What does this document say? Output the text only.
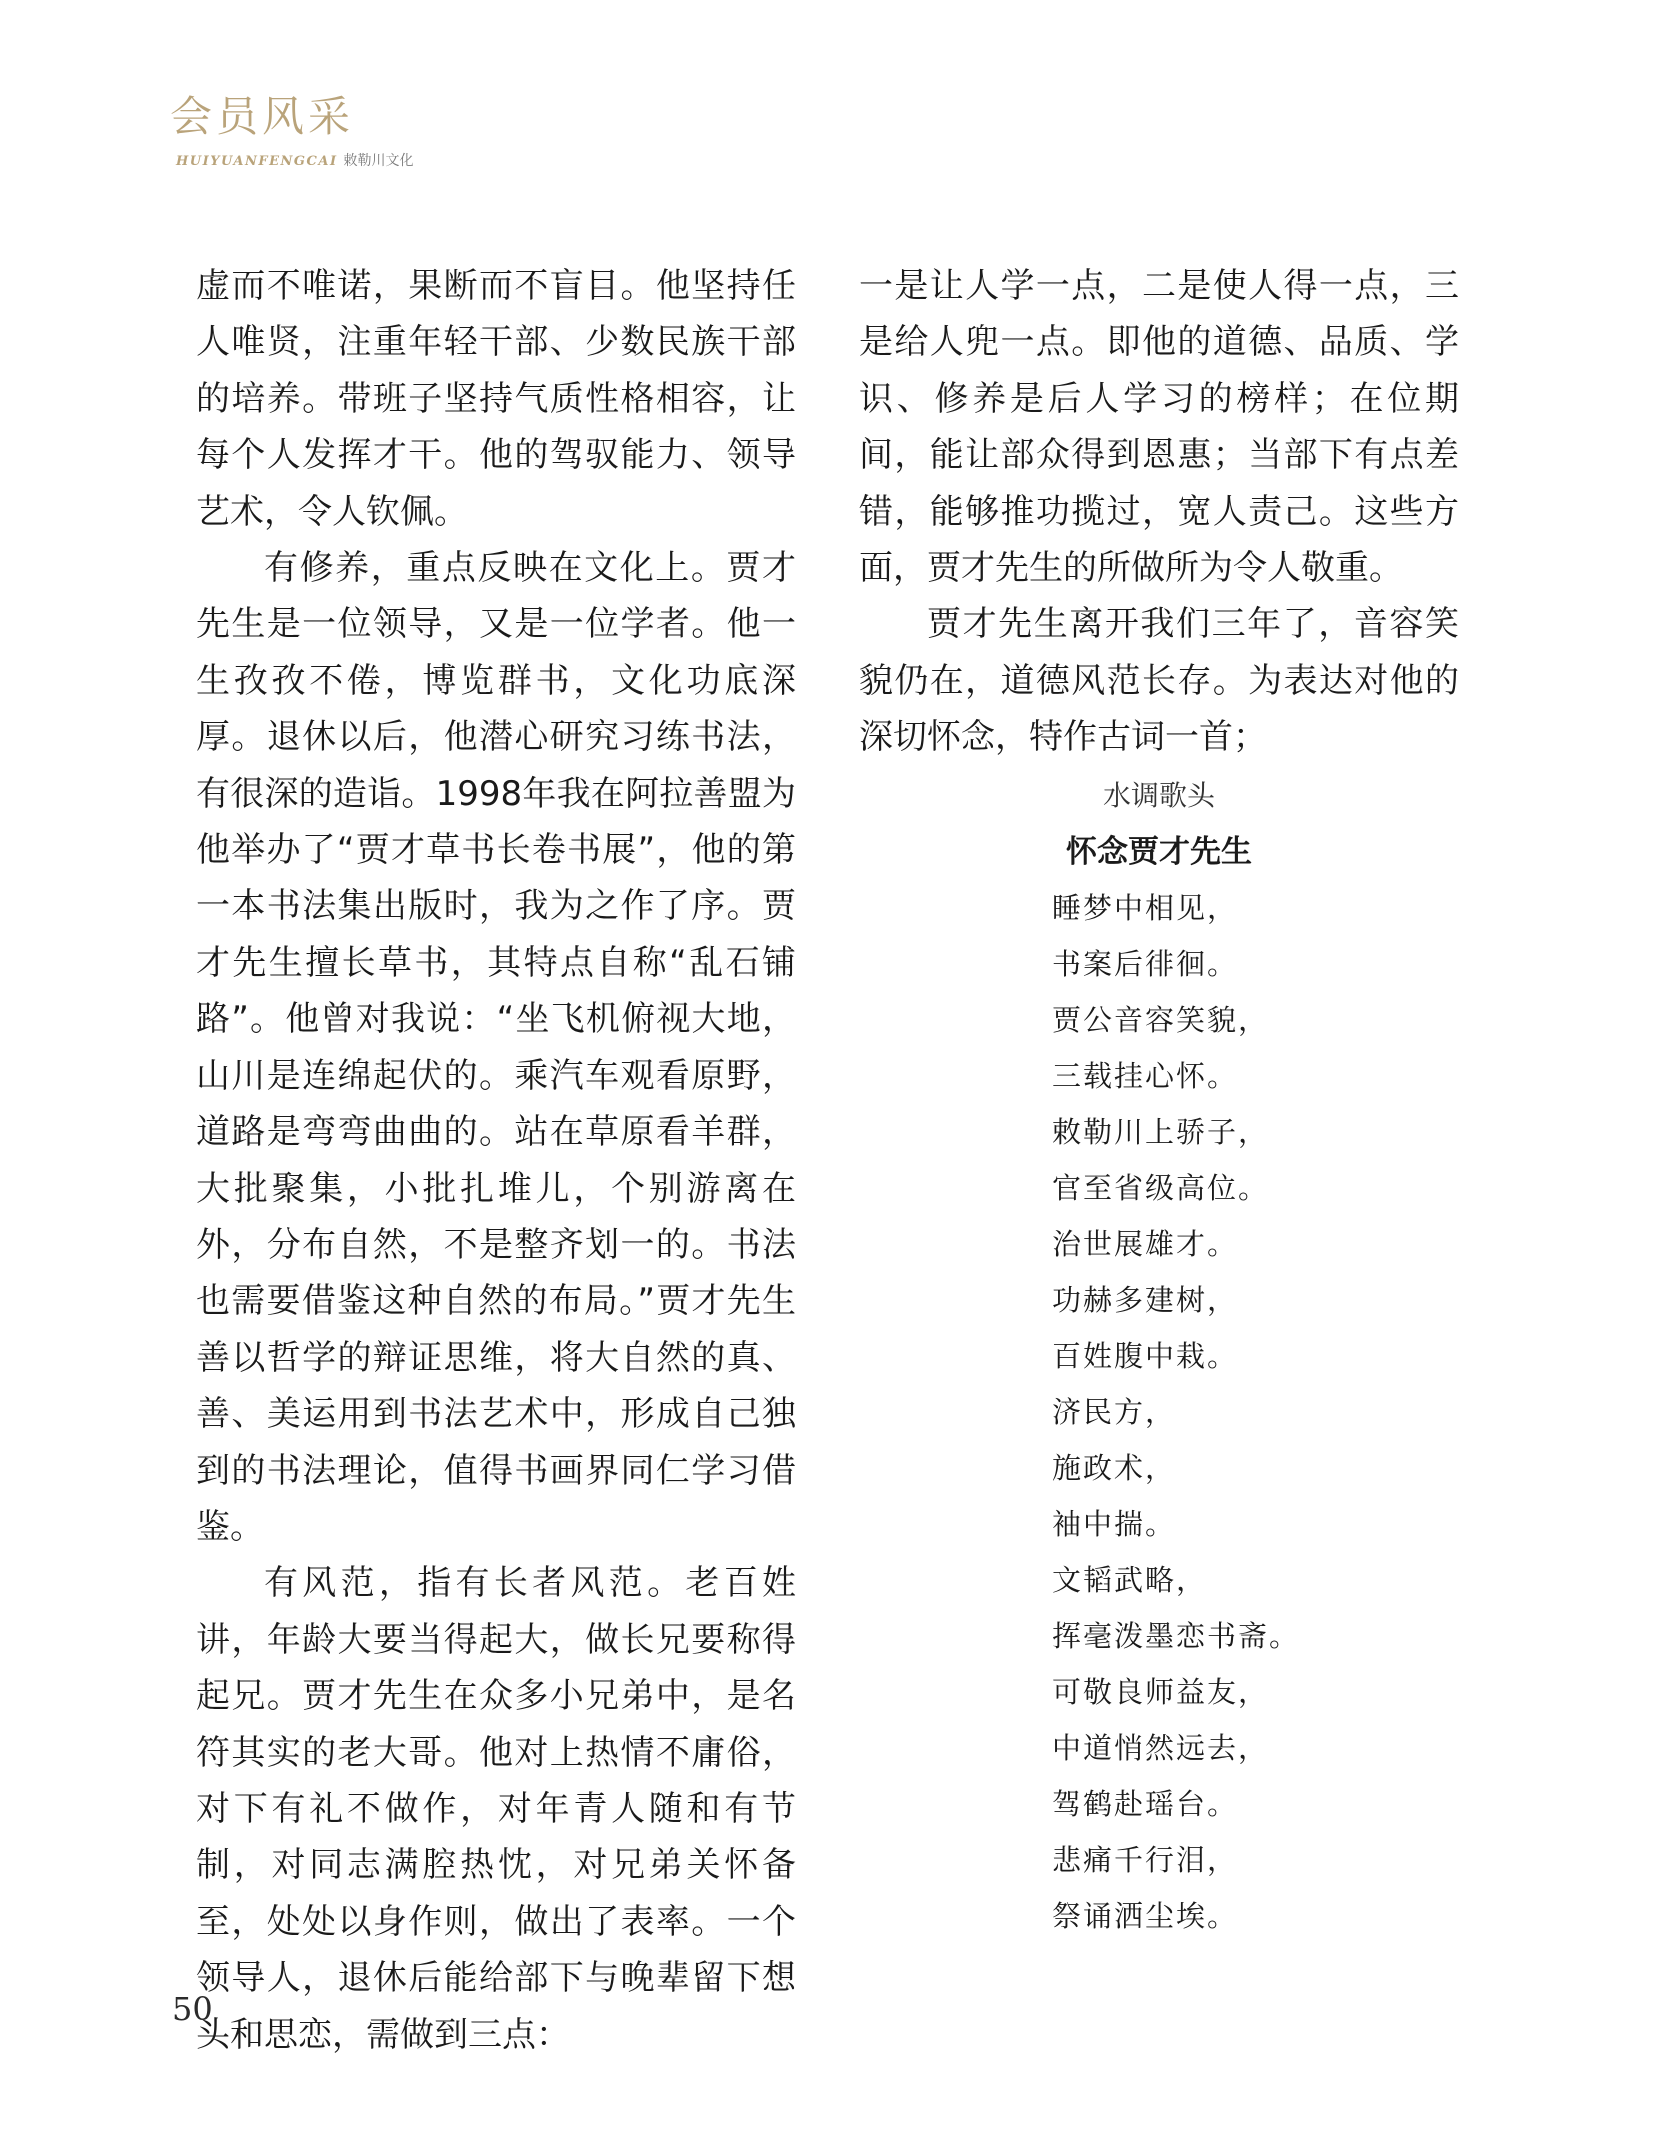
会员风采
HUIYUANFENGCAI 敕勒川文化

虚而不唯诺，果断而不盲目。他坚持任人唯贤，注重年轻干部、少数民族干部的培养。带班子坚持气质性格相容，让每个人发挥才干。他的驾驭能力、领导艺术，令人钦佩。

有修养，重点反映在文化上。贾才先生是一位领导，又是一位学者。他一生孜孜不倦，博览群书，文化功底深厚。退休以后，他潜心研究习练书法，有很深的造诣。1998年我在阿拉善盟为他举办了“贾才草书长卷书展”，他的第一本书法集出版时，我为之作了序。贾才先生擅长草书，其特点自称“乱石铺路”。他曾对我说：“坐飞机俯视大地，山川是连绵起伏的。乘汽车观看原野，道路是弯弯曲曲的。站在草原看羊群，大批聚集，小批扎堆儿，个别游离在外，分布自然，不是整齐划一的。书法也需要借鉴这种自然的布局。”贾才先生善以哲学的辩证思维，将大自然的真、善、美运用到书法艺术中，形成自己独到的书法理论，值得书画界同仁学习借鉴。

有风范，指有长者风范。老百姓讲，年龄大要当得起大，做长兄要称得起兄。贾才先生在众多小兄弟中，是名符其实的老大哥。他对上热情不庸俗，对下有礼不做作，对年青人随和有节制，对同志满腔热忱，对兄弟关怀备至，处处以身作则，做出了表率。一个领导人，退休后能给部下与晚辈留下想头和思恋，需做到三点：

一是让人学一点，二是使人得一点，三是给人兜一点。即他的道德、品质、学识、修养是后人学习的榜样；在位期间，能让部众得到恩惠；当部下有点差错，能够推功揽过，宽人责己。这些方面，贾才先生的所做所为令人敬重。

贾才先生离开我们三年了，音容笑貌仍在，道德风范长存。为表达对他的深切怀念，特作古词一首；

水调歌头
怀念贾才先生
睡梦中相见，
书案后徘徊。
贾公音容笑貌，
三载挂心怀。
敕勒川上骄子，
官至省级高位。
治世展雄才。
功赫多建树，
百姓腹中栽。
济民方，
施政术，
袖中揣。
文韬武略，
挥毫泼墨恋书斋。
可敬良师益友，
中道悄然远去，
驾鹤赴瑶台。
悲痛千行泪，
祭诵洒尘埃。
50
